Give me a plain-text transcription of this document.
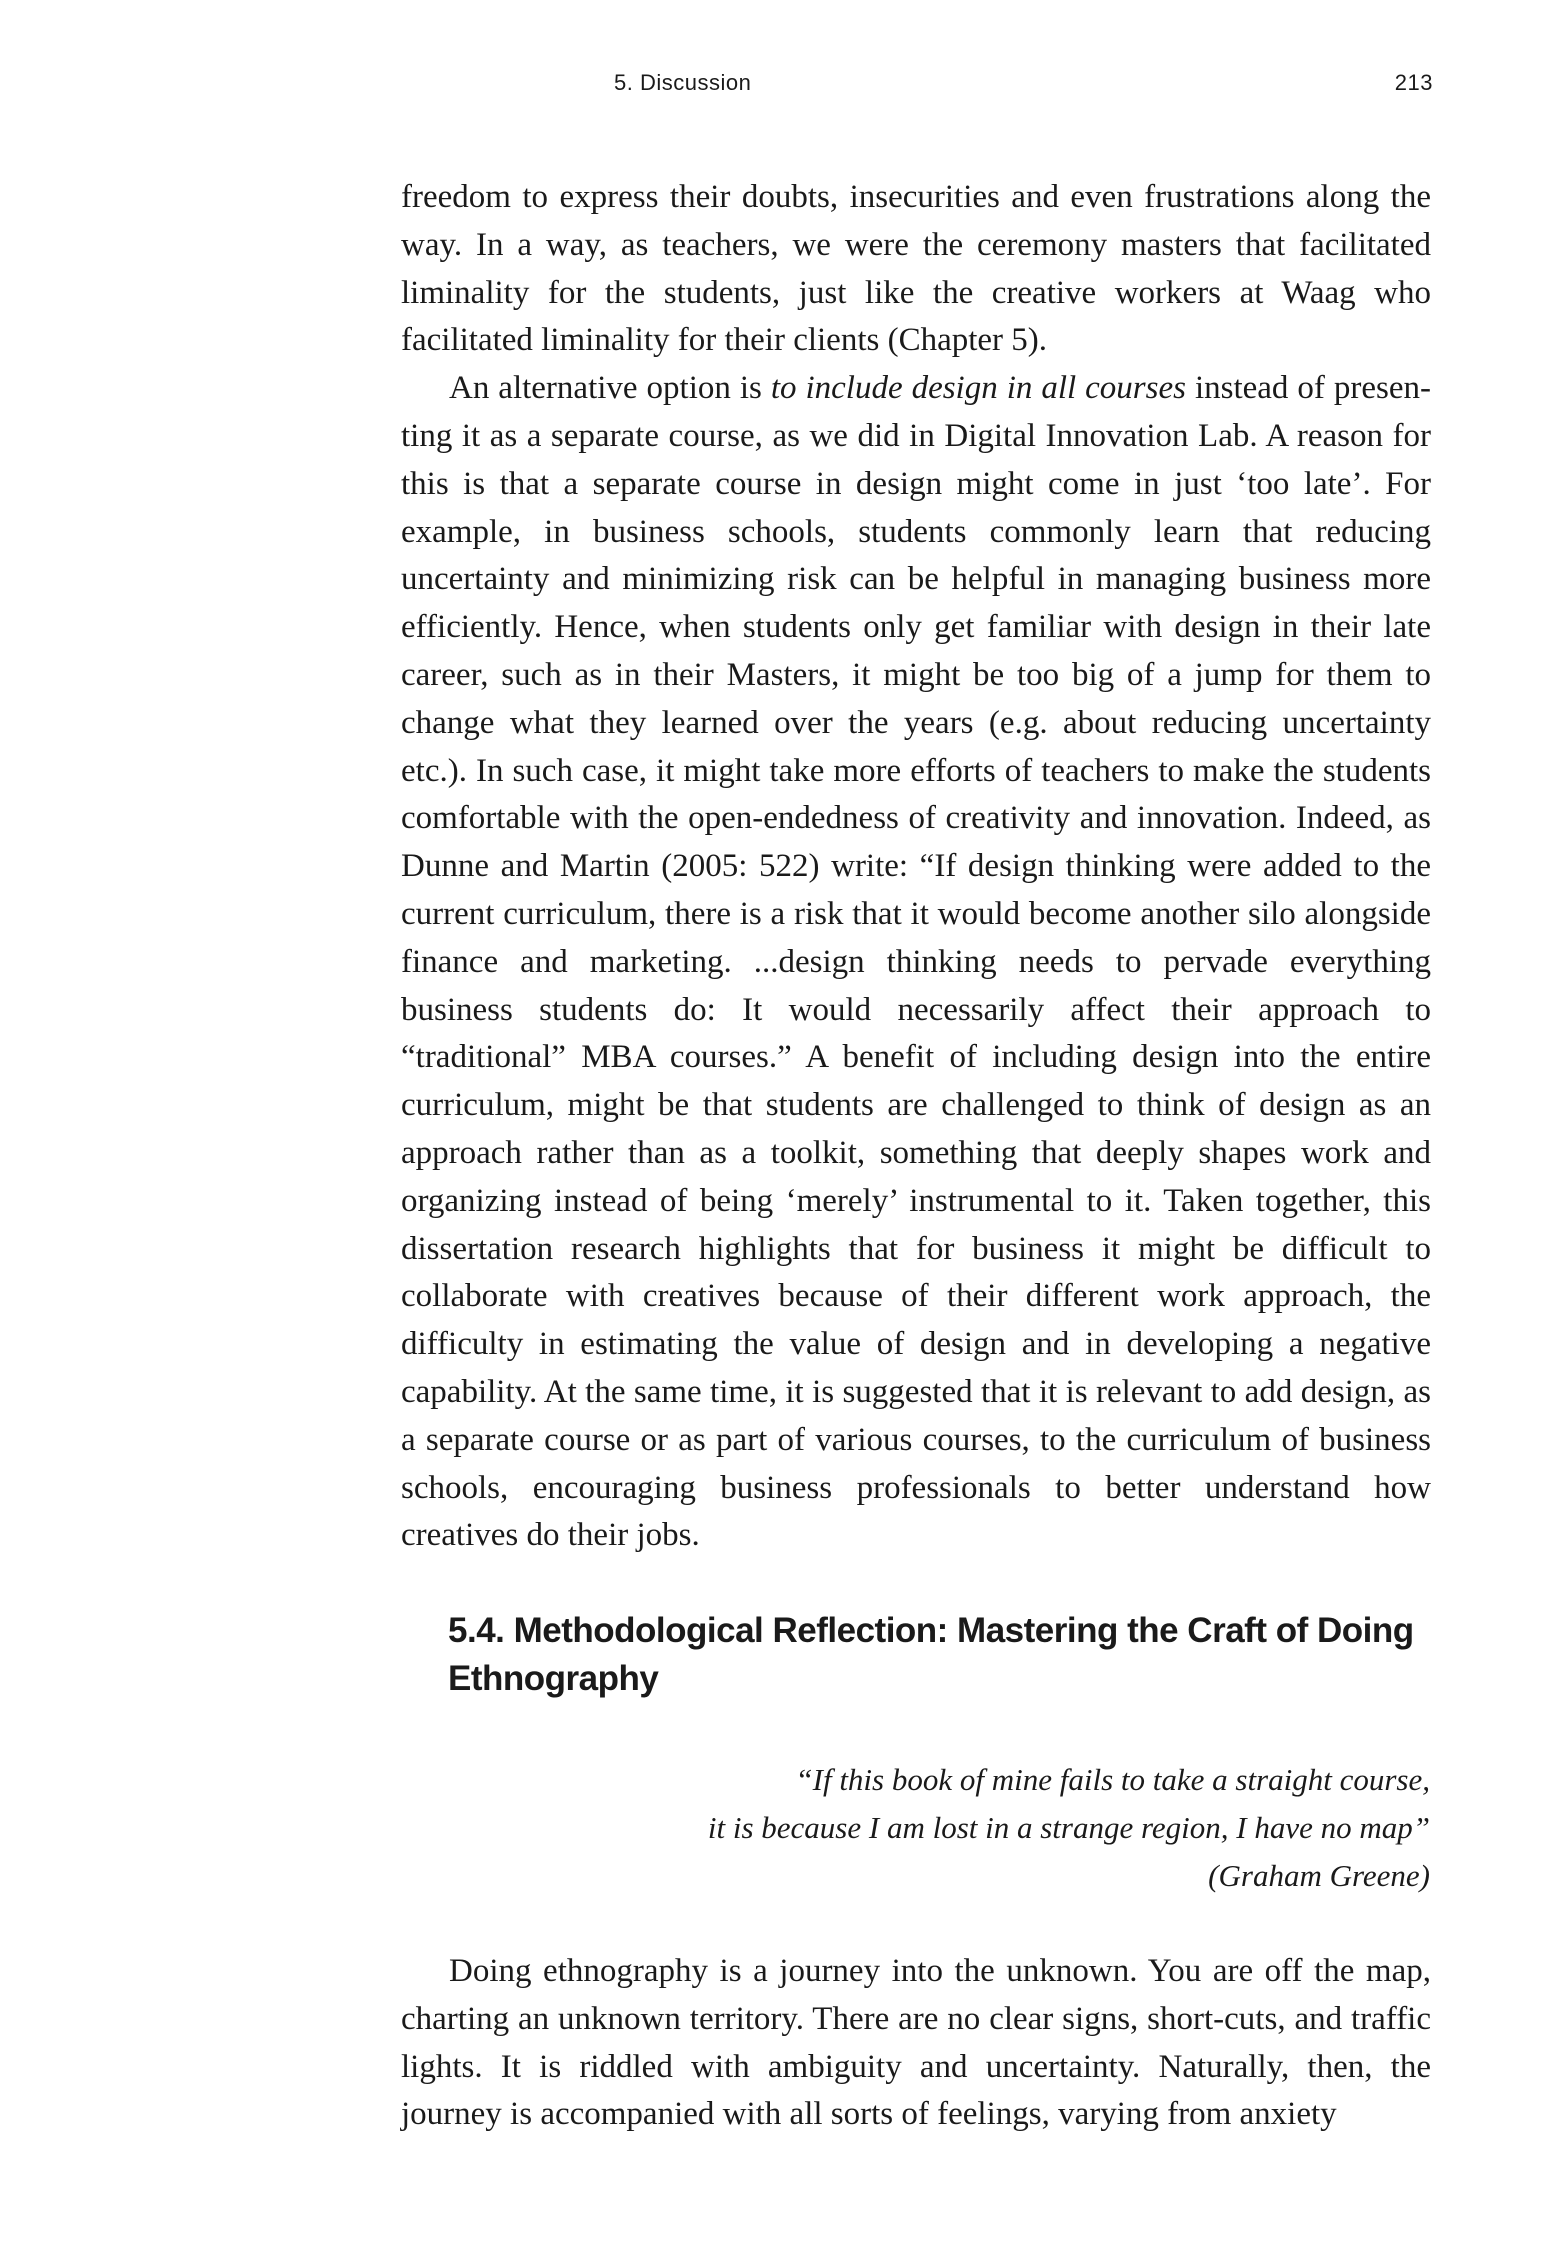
5. Discussion	213

freedom to express their doubts, insecurities and even frustrations along the way. In a way, as teachers, we were the ceremony masters that facilitated liminality for the students, just like the creative workers at Waag who facilitated liminality for their clients (Chapter 5).

An alternative option is to include design in all courses instead of presenting it as a separate course, as we did in Digital Innovation Lab. A reason for this is that a separate course in design might come in just ‘too late’. For example, in business schools, students commonly learn that reducing uncertainty and minimizing risk can be helpful in managing business more efficiently. Hence, when students only get familiar with design in their late career, such as in their Masters, it might be too big of a jump for them to change what they learned over the years (e.g. about reducing uncertainty etc.). In such case, it might take more efforts of teachers to make the students comfortable with the open-endedness of creativity and innovation. Indeed, as Dunne and Martin (2005: 522) write: “If design thinking were added to the current curriculum, there is a risk that it would become another silo alongside finance and marketing. ...design thinking needs to pervade everything business students do: It would necessarily affect their approach to “traditional” MBA courses.” A benefit of including design into the entire curriculum, might be that students are challenged to think of design as an approach rather than as a toolkit, something that deeply shapes work and organizing instead of being ‘merely’ instrumental to it. Taken together, this dissertation research highlights that for business it might be difficult to collaborate with creatives because of their different work approach, the difficulty in estimating the value of design and in developing a negative capability. At the same time, it is suggested that it is relevant to add design, as a separate course or as part of various courses, to the curriculum of business schools, encouraging business professionals to better understand how creatives do their jobs.

5.4. Methodological Reflection: Mastering the Craft of Doing Ethnography
“If this book of mine fails to take a straight course,
it is because I am lost in a strange region, I have no map”
(Graham Greene)

Doing ethnography is a journey into the unknown. You are off the map, charting an unknown territory. There are no clear signs, short-cuts, and traffic lights. It is riddled with ambiguity and uncertainty. Naturally, then, the journey is accompanied with all sorts of feelings, varying from anxiety
